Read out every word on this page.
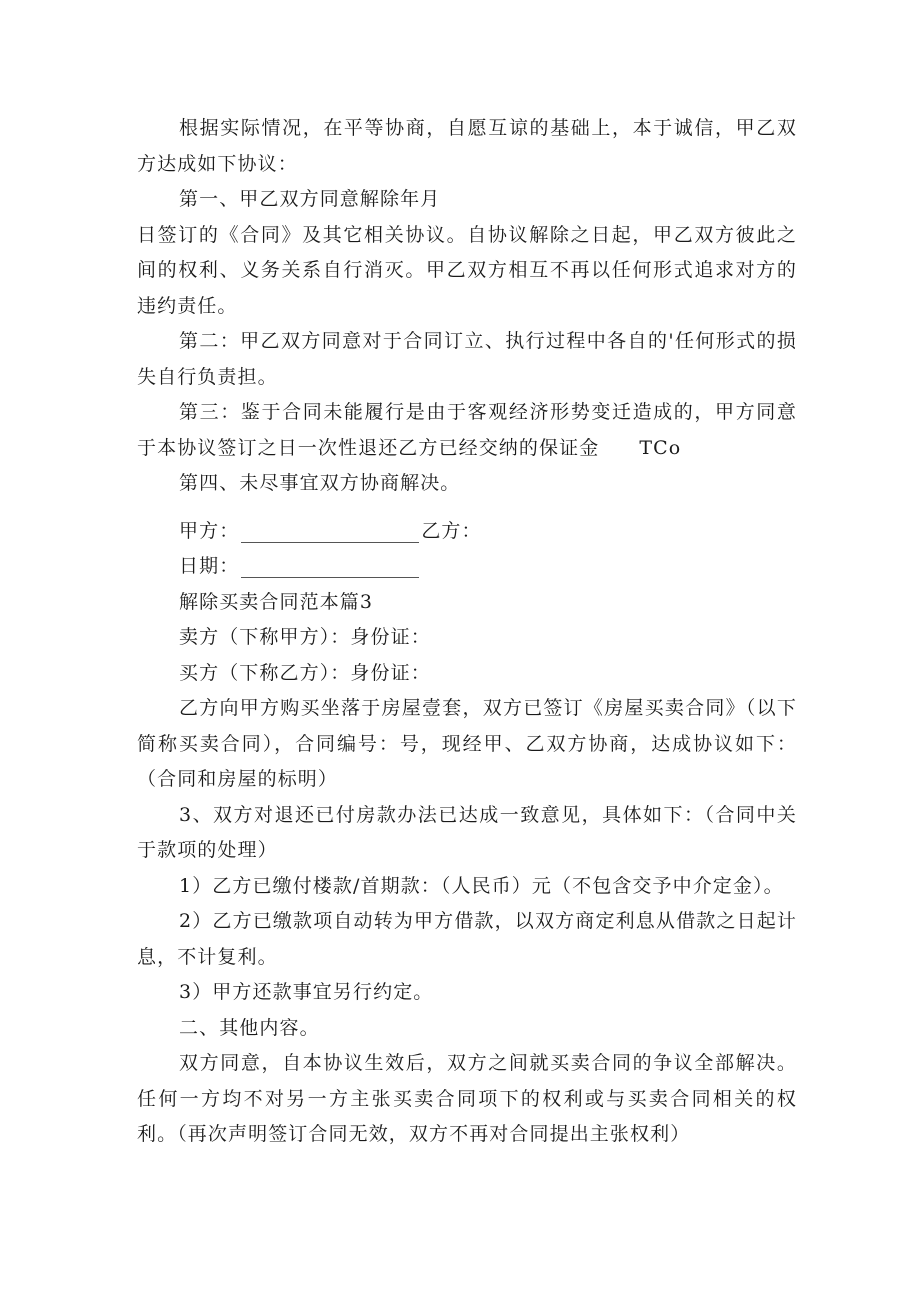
根据实际情况，在平等协商，自愿互谅的基础上，本于诚信，甲乙双方达成如下协议：

第一、甲乙双方同意解除年月

日签订的《合同》及其它相关协议。自协议解除之日起，甲乙双方彼此之间的权利、义务关系自行消灭。甲乙双方相互不再以任何形式追求对方的违约责任。

第二：甲乙双方同意对于合同订立、执行过程中各自的'任何形式的损失自行负责担。

第三：鉴于合同未能履行是由于客观经济形势变迁造成的，甲方同意于本协议签订之日一次性退还乙方已经交纳的保证金 TCo

第四、未尽事宜双方协商解决。

甲方：	乙方：

日期：

解除买卖合同范本篇3

卖方（下称甲方）：身份证：

买方（下称乙方）：身份证：

乙方向甲方购买坐落于房屋壹套，双方已签订《房屋买卖合同》（以下简称买卖合同），合同编号：号，现经甲、乙双方协商，达成协议如下：（合同和房屋的标明）

3、双方对退还已付房款办法已达成一致意见，具体如下：（合同中关于款项的处理）

1）乙方已缴付楼款/首期款：（人民币）元（不包含交予中介定金）。

2）乙方已缴款项自动转为甲方借款，以双方商定利息从借款之日起计息，不计复利。

3）甲方还款事宜另行约定。

二、其他内容。

双方同意，自本协议生效后，双方之间就买卖合同的争议全部解决。任何一方均不对另一方主张买卖合同项下的权利或与买卖合同相关的权利。（再次声明签订合同无效，双方不再对合同提出主张权利）
